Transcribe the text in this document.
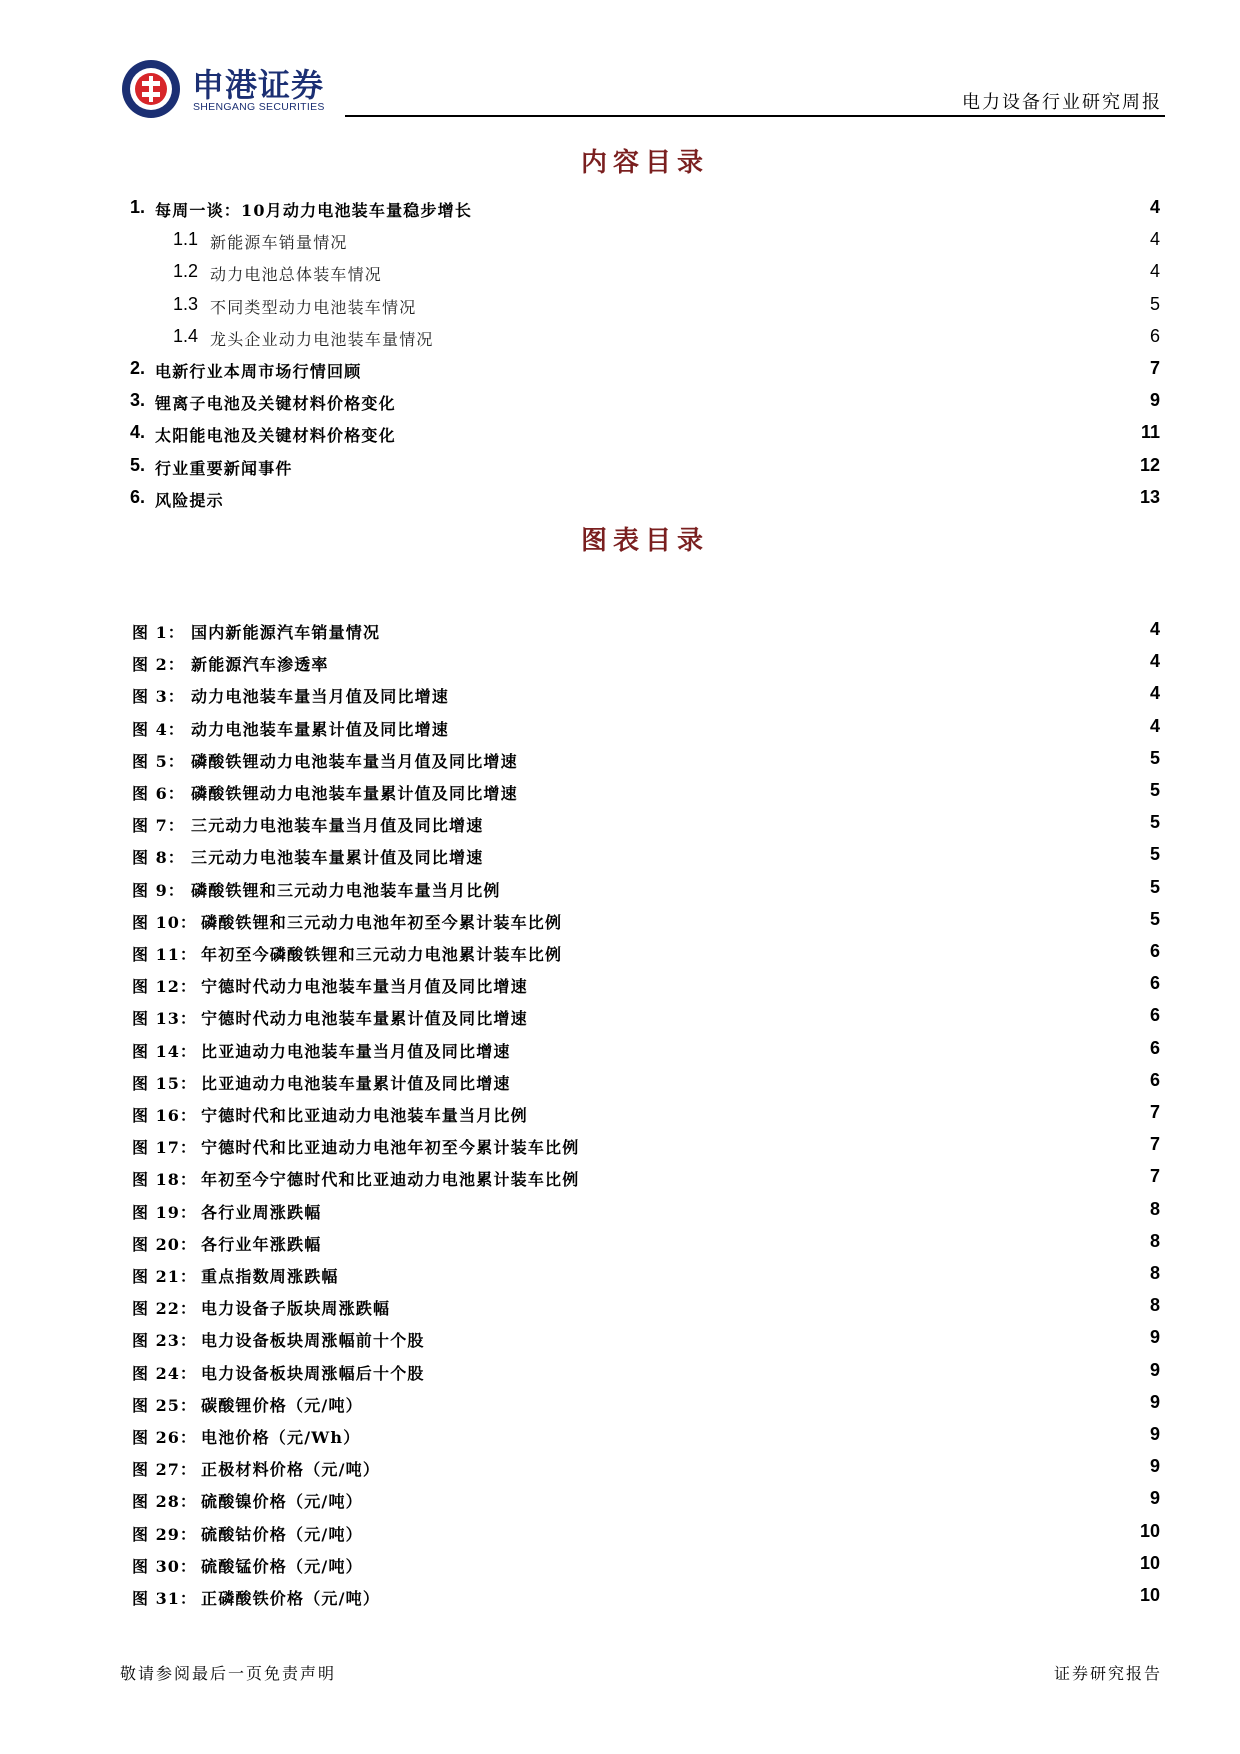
申港证券
SHENGANG SECURITIES	电力设备行业研究周报
内容目录
1. 每周一谈：10月动力电池装车量稳步增长	4
1.1 新能源车销量情况	4
1.2 动力电池总体装车情况	4
1.3 不同类型动力电池装车情况	5
1.4 龙头企业动力电池装车量情况	6
2. 电新行业本周市场行情回顾	7
3. 锂离子电池及关键材料价格变化	9
4. 太阳能电池及关键材料价格变化	11
5. 行业重要新闻事件	12
6. 风险提示	13
图表目录
图 1： 国内新能源汽车销量情况	4
图 2： 新能源汽车渗透率	4
图 3： 动力电池装车量当月值及同比增速	4
图 4： 动力电池装车量累计值及同比增速	4
图 5： 磷酸铁锂动力电池装车量当月值及同比增速	5
图 6： 磷酸铁锂动力电池装车量累计值及同比增速	5
图 7： 三元动力电池装车量当月值及同比增速	5
图 8： 三元动力电池装车量累计值及同比增速	5
图 9： 磷酸铁锂和三元动力电池装车量当月比例	5
图 10： 磷酸铁锂和三元动力电池年初至今累计装车比例	5
图 11： 年初至今磷酸铁锂和三元动力电池累计装车比例	6
图 12： 宁德时代动力电池装车量当月值及同比增速	6
图 13： 宁德时代动力电池装车量累计值及同比增速	6
图 14： 比亚迪动力电池装车量当月值及同比增速	6
图 15： 比亚迪动力电池装车量累计值及同比增速	6
图 16： 宁德时代和比亚迪动力电池装车量当月比例	7
图 17： 宁德时代和比亚迪动力电池年初至今累计装车比例	7
图 18： 年初至今宁德时代和比亚迪动力电池累计装车比例	7
图 19： 各行业周涨跌幅	8
图 20： 各行业年涨跌幅	8
图 21： 重点指数周涨跌幅	8
图 22： 电力设备子版块周涨跌幅	8
图 23： 电力设备板块周涨幅前十个股	9
图 24： 电力设备板块周涨幅后十个股	9
图 25： 碳酸锂价格（元/吨）	9
图 26： 电池价格（元/Wh）	9
图 27： 正极材料价格（元/吨）	9
图 28： 硫酸镍价格（元/吨）	9
图 29： 硫酸钴价格（元/吨）	10
图 30： 硫酸锰价格（元/吨）	10
图 31： 正磷酸铁价格（元/吨）	10
敬请参阅最后一页免责声明	证券研究报告
